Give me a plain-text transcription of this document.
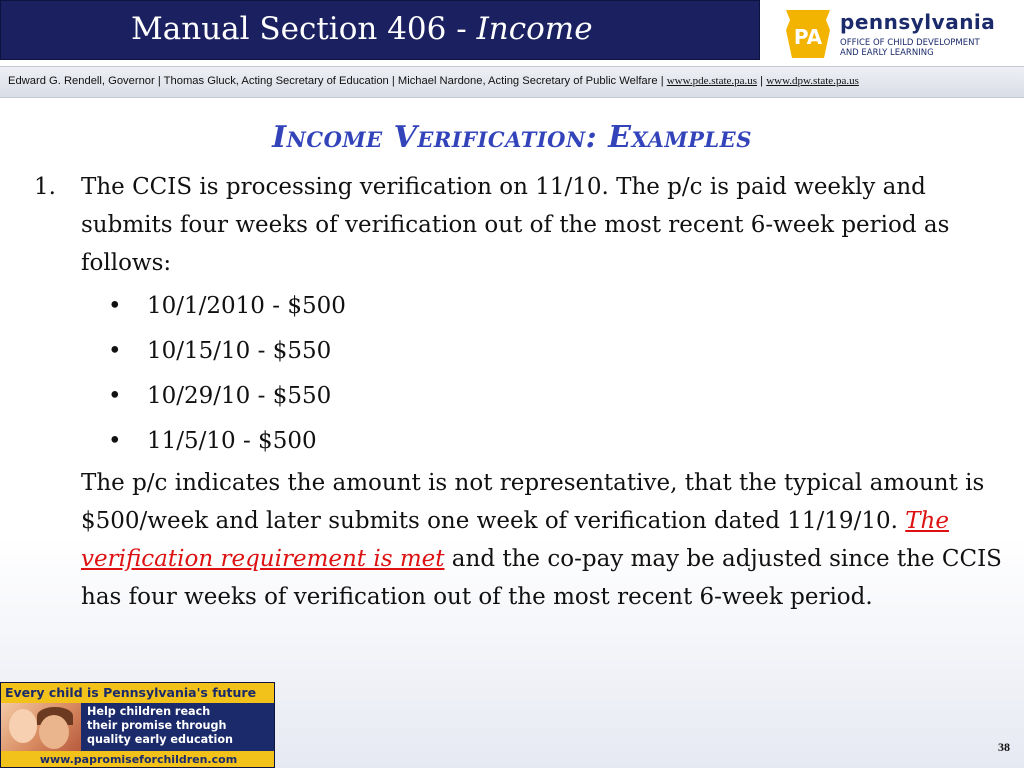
Manual Section 406 - Income	PA
pennsylvania
OFFICE OF CHILD DEVELOPMENT
AND EARLY LEARNING
Edward G. Rendell, Governor | Thomas Gluck, Acting Secretary of Education | Michael Nardone, Acting Secretary of Public Welfare | www.pde.state.pa.us | www.dpw.state.pa.us
Income Verification: Examples
1. The CCIS is processing verification on 11/10. The p/c is paid weekly and submits four weeks of verification out of the most recent 6-week period as follows:
• 10/1/2010 - $500
• 10/15/10 - $550
• 10/29/10 - $550
• 11/5/10 - $500
The p/c indicates the amount is not representative, that the typical amount is $500/week and later submits one week of verification dated 11/19/10. The verification requirement is met and the co-pay may be adjusted since the CCIS has four weeks of verification out of the most recent 6-week period.
Every child is Pennsylvania's future
Help children reach
their promise through
quality early education
www.papromiseforchildren.com
38
